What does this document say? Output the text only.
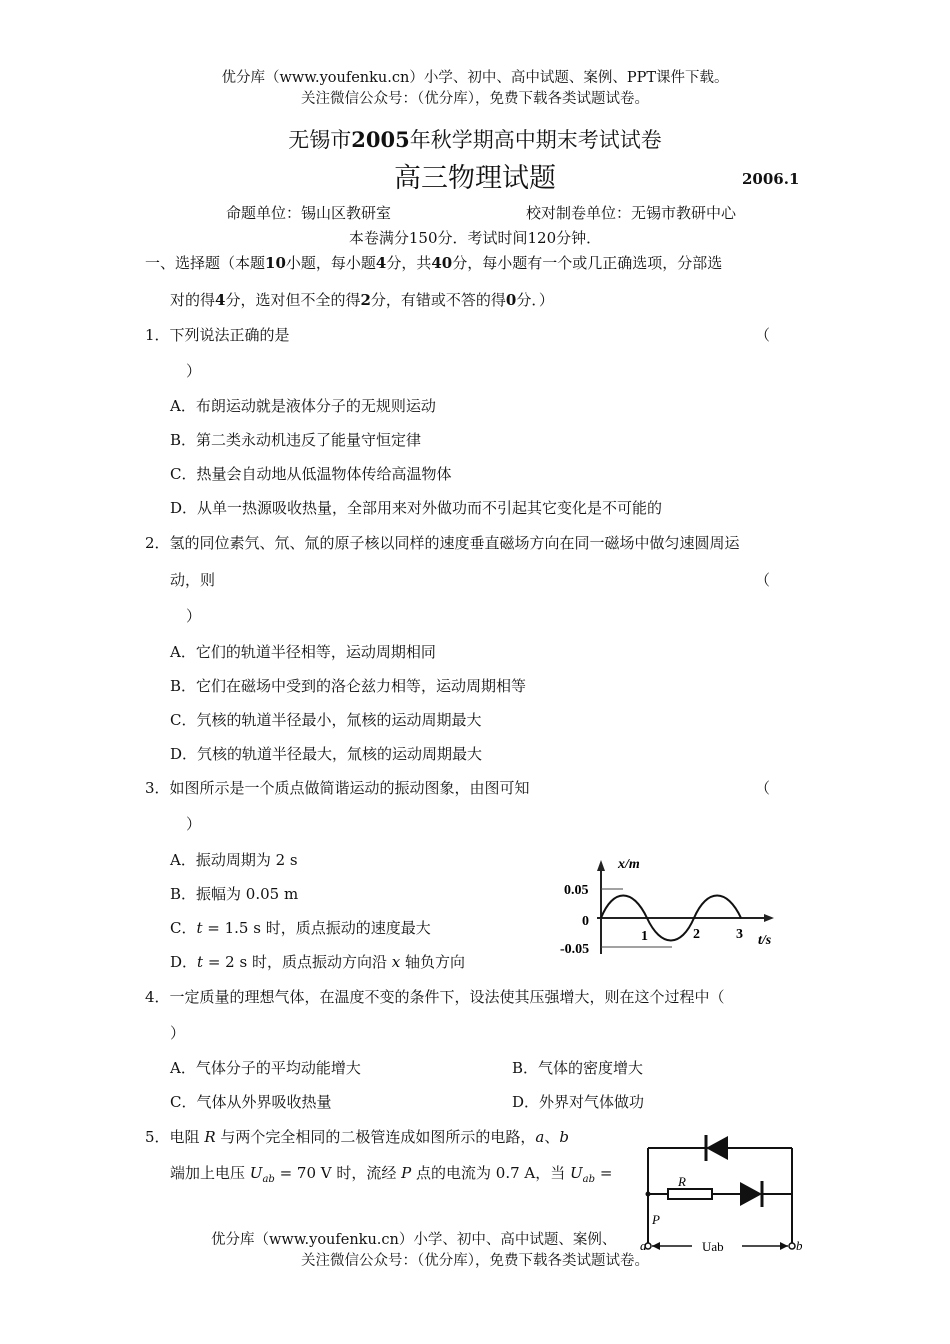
优分库（www.youfenku.cn）小学、初中、高中试题、案例、PPT课件下载。
关注微信公众号：（优分库），免费下载各类试题试卷。
无锡市2005年秋学期高中期末考试试卷
高三物理试题	2006.1
命题单位：锡山区教研室	校对制卷单位：无锡市教研中心
本卷满分150分．考试时间120分钟．
一、选择题（本题10小题，每小题4分，共40分，每小题有一个或几正确选项，分部选
对的得4分，选对但不全的得2分，有错或不答的得0分．）
1．下列说法正确的是	（
）
A．布朗运动就是液体分子的无规则运动
B．第二类永动机违反了能量守恒定律
C．热量会自动地从低温物体传给高温物体
D．从单一热源吸收热量，全部用来对外做功而不引起其它变化是不可能的
2．氢的同位素氕、氘、氚的原子核以同样的速度垂直磁场方向在同一磁场中做匀速圆周运
动，则	（
）
A．它们的轨道半径相等，运动周期相同
B．它们在磁场中受到的洛仑兹力相等，运动周期相等
C．氕核的轨道半径最小，氚核的运动周期最大
D．氕核的轨道半径最大，氚核的运动周期最大
3．如图所示是一个质点做简谐运动的振动图象，由图可知	（
）
A．振动周期为 2 s
B．振幅为 0.05 m
C．t = 1.5 s 时，质点振动的速度最大
D．t = 2 s 时，质点振动方向沿 x 轴负方向
x/m
0.05
0
-0.05
1	2	3 t/s
4．一定质量的理想气体，在温度不变的条件下，设法使其压强增大，则在这个过程中（
）
A．气体分子的平均动能增大	B．气体的密度增大
C．气体从外界吸收热量	D．外界对气体做功
5．电阻 R 与两个完全相同的二极管连成如图所示的电路，a、b
端加上电压 $U_{ab} = 70$ V 时，流经 P 点的电流为 0.7 A，当 $U_{ab}$ =	R
P
a	b
Uab
优分库（www.youfenku.cn）小学、初中、高中试题、案例、
关注微信公众号：（优分库），免费下载各类试题试卷。
